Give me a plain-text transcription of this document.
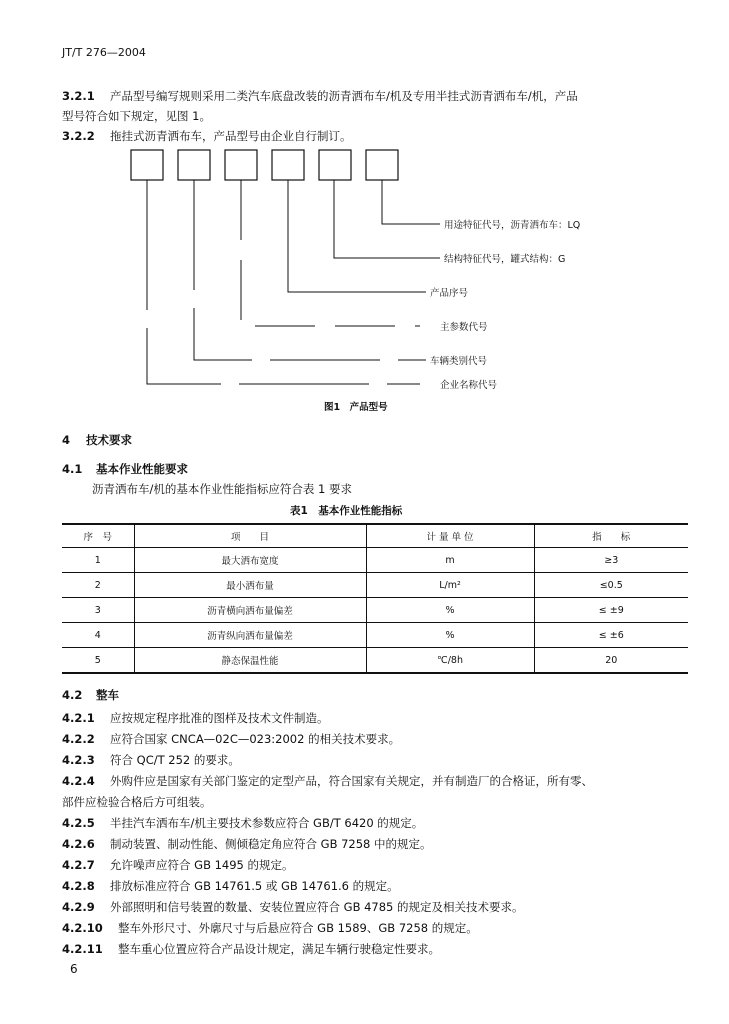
JT/T 276—2004
3.2.1 产品型号编写规则采用二类汽车底盘改装的沥青洒布车/机及专用半挂式沥青洒布车/机，产品
型号符合如下规定，见图 1。
3.2.2 拖挂式沥青洒布车，产品型号由企业自行制订。
用途特征代号，沥青洒布车：LQ
结构特征代号，罐式结构：G
产品序号
主参数代号
车辆类别代号
企业名称代号
图1　产品型号
4 技术要求
4.1 基本作业性能要求
沥青洒布车/机的基本作业性能指标应符合表 1 要求
表1　基本作业性能指标
序　号	项　　目	计 量 单 位	指　　标
1	最大洒布宽度	m	≥3
2	最小洒布量	L/m²	≤0.5
3	沥青横向洒布量偏差	%	≤ ±9
4	沥青纵向洒布量偏差	%	≤ ±6
5	静态保温性能	℃/8h	20
4.2 整车
4.2.1 应按规定程序批准的图样及技术文件制造。
4.2.2 应符合国家 CNCA—02C—023:2002 的相关技术要求。
4.2.3 符合 QC/T 252 的要求。
4.2.4 外购件应是国家有关部门鉴定的定型产品，符合国家有关规定，并有制造厂的合格证，所有零、
部件应检验合格后方可组装。
4.2.5 半挂汽车洒布车/机主要技术参数应符合 GB/T 6420 的规定。
4.2.6 制动装置、制动性能、侧倾稳定角应符合 GB 7258 中的规定。
4.2.7 允许噪声应符合 GB 1495 的规定。
4.2.8 排放标准应符合 GB 14761.5 或 GB 14761.6 的规定。
4.2.9 外部照明和信号装置的数量、安装位置应符合 GB 4785 的规定及相关技术要求。
4.2.10 整车外形尺寸、外廓尺寸与后悬应符合 GB 1589、GB 7258 的规定。
4.2.11 整车重心位置应符合产品设计规定，满足车辆行驶稳定性要求。
6
